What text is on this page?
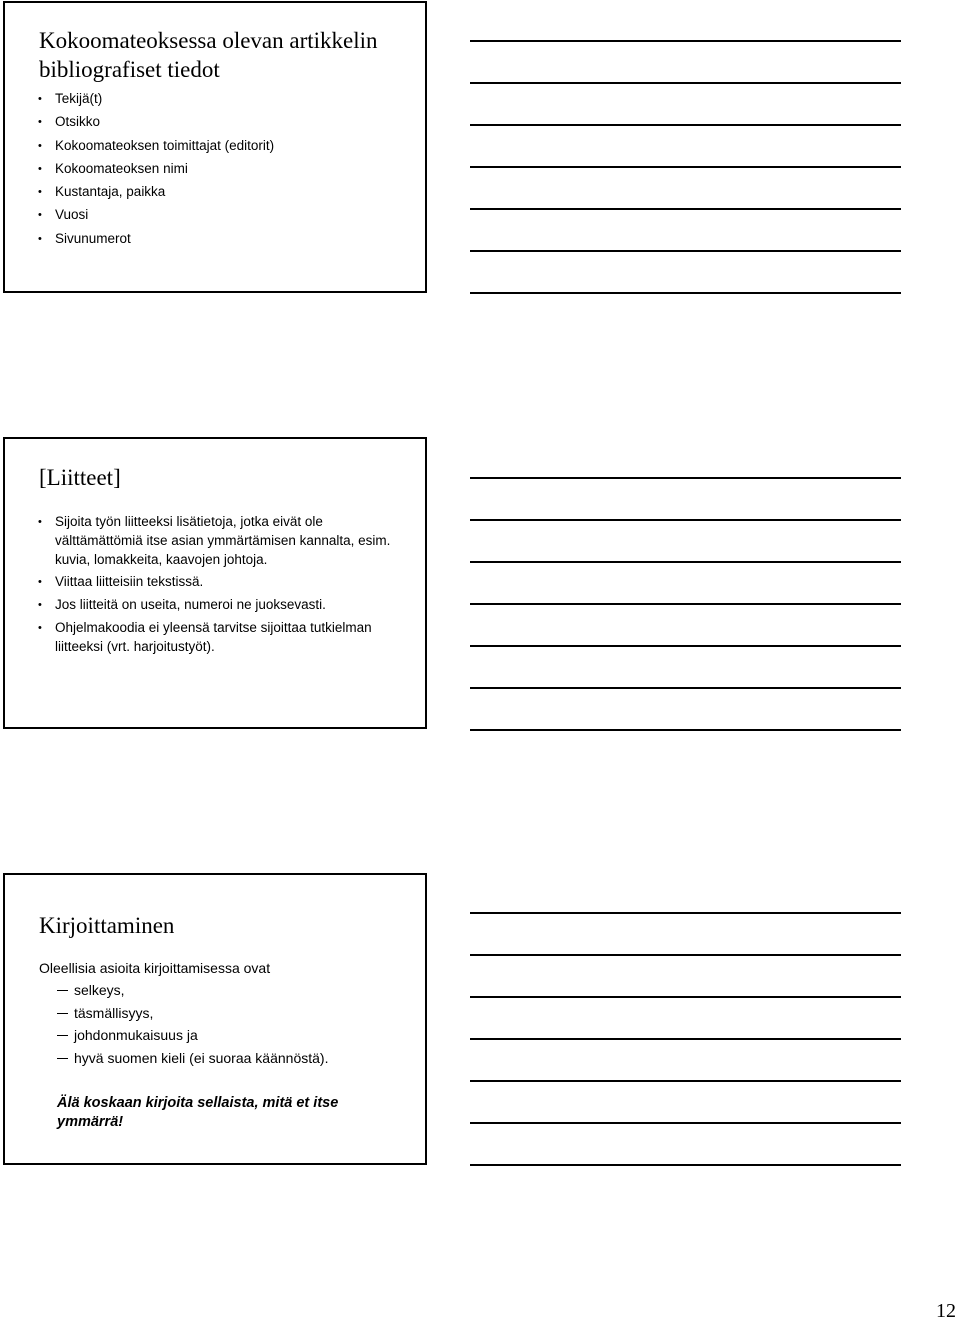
Kokoomateoksessa olevan artikkelin bibliografiset tiedot
• Tekijä(t)
• Otsikko
• Kokoomateoksen toimittajat (editorit)
• Kokoomateoksen nimi
• Kustantaja, paikka
• Vuosi
• Sivunumerot
[Liitteet]
• Sijoita työn liitteeksi lisätietoja, jotka eivät ole välttämättömiä itse asian ymmärtämisen kannalta, esim. kuvia, lomakkeita, kaavojen johtoja.
• Viittaa liitteisiin tekstissä.
• Jos liitteitä on useita, numeroi ne juoksevasti.
• Ohjelmakoodia ei yleensä tarvitse sijoittaa tutkielman liitteeksi (vrt. harjoitustyöt).
Kirjoittaminen
Oleellisia asioita kirjoittamisessa ovat
selkeys,
täsmällisyys,
johdonmukaisuus ja
hyvä suomen kieli (ei suoraa käännöstä).
Älä koskaan kirjoita sellaista, mitä et itse ymmärrä!
12
